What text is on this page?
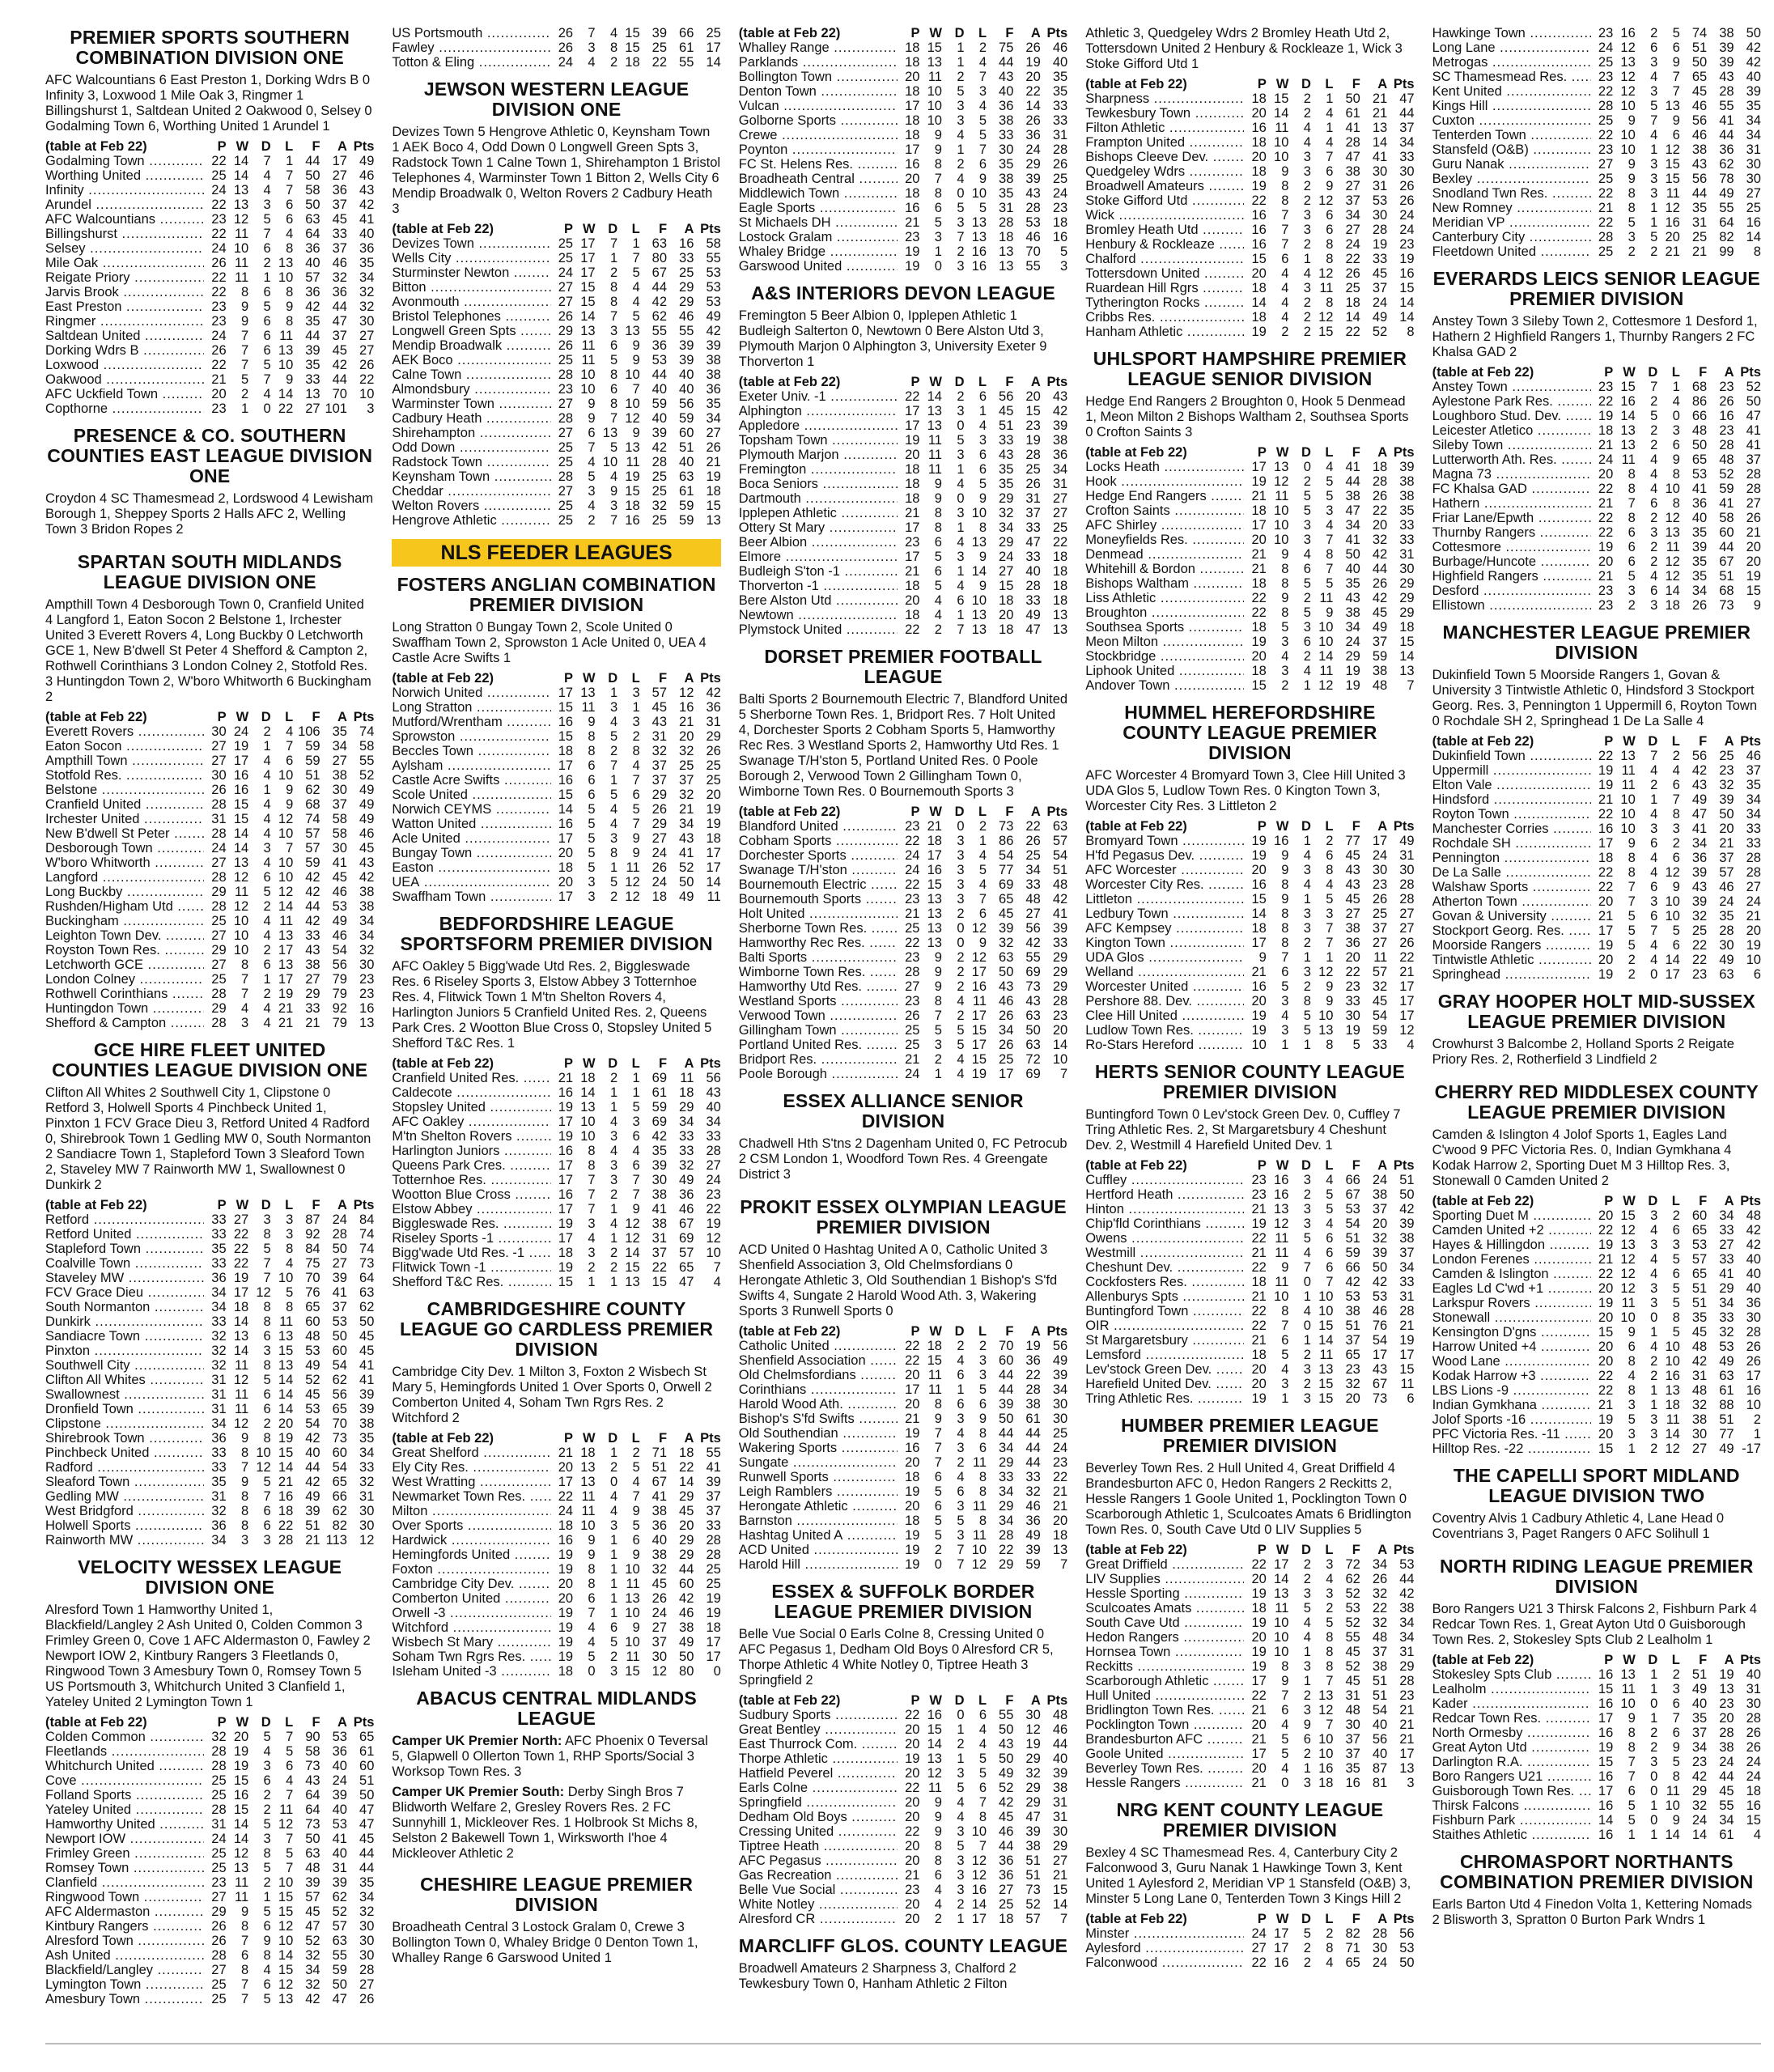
PREMIER SPORTS SOUTHERN COMBINATION DIVISION ONE

AFC Walcountians 6 East Preston 1, Dorking Wdrs B 0 Infinity 3, Loxwood 1 Mile Oak 3, Ringmer 1 Billingshurst 1, Saltdean United 2 Oakwood 0, Selsey 0 Godalming Town 6, Worthing United 1 Arundel 1

(table at Feb 22)	P	W	D	L	F	A	Pts
Godalming Town .....	22	14	7	1	44	17	49
Worthing United .....	25	14	4	7	50	27	46
Infinity .....	24	13	4	7	58	36	43
Arundel .....	22	13	3	6	50	37	42
AFC Walcountians .....	23	12	5	6	63	45	41
Billingshurst .....	22	11	7	4	64	33	40
Selsey .....	24	10	6	8	36	37	36
Mile Oak .....	26	11	2	13	40	46	35
Reigate Priory .....	22	11	1	10	57	32	34
Jarvis Brook .....	22	8	6	8	36	36	32
East Preston .....	23	9	5	9	42	44	32
Ringmer .....	23	9	6	8	35	47	30
Saltdean United .....	24	7	6	11	44	37	27
Dorking Wdrs B .....	26	7	6	13	39	45	27
Loxwood .....	22	7	5	10	35	42	26
Oakwood .....	21	5	7	9	33	44	22
AFC Uckfield Town .....	20	2	4	14	13	70	10
Copthorne .....	23	1	0	22	27	101	3
PRESENCE & CO. SOUTHERN COUNTIES EAST LEAGUE DIVISION ONE

Croydon 4 SC Thamesmead 2, Lordswood 4 Lewisham Borough 1, Sheppey Sports 2 Halls AFC 2, Welling Town 3 Bridon Ropes 2

SPARTAN SOUTH MIDLANDS LEAGUE DIVISION ONE

Ampthill Town 4 Desborough Town 0, Cranfield United 4 Langford 1, Eaton Socon 2 Belstone 1, Irchester United 3 Everett Rovers 4, Long Buckby 0 Letchworth GCE 1, New B'dwell St Peter 4 Shefford & Campton 2, Rothwell Corinthians 3 London Colney 2, Stotfold Res. 3 Huntingdon Town 2, W'boro Whitworth 6 Buckingham 2

(table at Feb 22)	P	W	D	L	F	A	Pts
Everett Rovers .....	30	24	2	4	106	35	74
Eaton Socon .....	27	19	1	7	59	34	58
Ampthill Town .....	27	17	4	6	59	27	55
Stotfold Res. .....	30	16	4	10	51	38	52
Belstone .....	26	16	1	9	62	30	49
Cranfield United .....	28	15	4	9	68	37	49
Irchester United .....	31	15	4	12	74	58	49
New B'dwell St Peter .....	28	14	4	10	57	58	46
Desborough Town .....	24	14	3	7	57	30	45
W'boro Whitworth .....	27	13	4	10	59	41	43
Langford .....	28	12	6	10	42	45	42
Long Buckby .....	29	11	5	12	42	46	38
Rushden/Higham Utd .....	28	12	2	14	44	53	38
Buckingham .....	25	10	4	11	42	49	34
Leighton Town Dev. .....	27	10	4	13	33	46	34
Royston Town Res. .....	29	10	2	17	43	54	32
Letchworth GCE .....	27	8	6	13	38	56	30
London Colney .....	25	7	1	17	27	79	23
Rothwell Corinthians .....	28	7	2	19	29	79	23
Huntingdon Town .....	29	4	4	21	33	92	16
Shefford & Campton .....	28	3	4	21	21	79	13
GCE HIRE FLEET UNITED COUNTIES LEAGUE DIVISION ONE

Clifton All Whites 2 Southwell City 1, Clipstone 0 Retford 3, Holwell Sports 4 Pinchbeck United 1, Pinxton 1 FCV Grace Dieu 3, Retford United 4 Radford 0, Shirebrook Town 1 Gedling MW 0, South Normanton 2 Sandiacre Town 1, Stapleford Town 3 Sleaford Town 2, Staveley MW 7 Rainworth MW 1, Swallownest 0 Dunkirk 2

(table at Feb 22)	P	W	D	L	F	A	Pts
Retford .....	33	27	3	3	87	24	84
Retford United .....	33	22	8	3	92	28	74
Stapleford Town .....	35	22	5	8	84	50	74
Coalville Town .....	33	22	7	4	75	27	73
Staveley MW .....	36	19	7	10	70	39	64
FCV Grace Dieu .....	34	17	12	5	76	41	63
South Normanton .....	34	18	8	8	65	37	62
Dunkirk .....	33	14	8	11	60	53	50
Sandiacre Town .....	32	13	6	13	48	50	45
Pinxton .....	32	14	3	15	53	60	45
Southwell City .....	32	11	8	13	49	54	41
Clifton All Whites .....	31	12	5	14	52	62	41
Swallownest .....	31	11	6	14	45	56	39
Dronfield Town .....	31	11	6	14	53	65	39
Clipstone .....	34	12	2	20	54	70	38
Shirebrook Town .....	36	9	8	19	42	73	35
Pinchbeck United .....	33	8	10	15	40	60	34
Radford .....	33	7	12	14	44	54	33
Sleaford Town .....	35	9	5	21	42	65	32
Gedling MW .....	31	8	7	16	49	66	31
West Bridgford .....	32	8	6	18	39	62	30
Holwell Sports .....	36	8	6	22	51	82	30
Rainworth MW .....	34	3	3	28	21	113	12
VELOCITY WESSEX LEAGUE DIVISION ONE

Alresford Town 1 Hamworthy United 1, Blackfield/Langley 2 Ash United 0, Colden Common 3 Frimley Green 0, Cove 1 AFC Aldermaston 0, Fawley 2 Newport IOW 2, Kintbury Rangers 3 Fleetlands 0, Ringwood Town 3 Amesbury Town 0, Romsey Town 5 US Portsmouth 3, Whitchurch United 3 Clanfield 1, Yateley United 2 Lymington Town 1

(table at Feb 22)	P	W	D	L	F	A	Pts
Colden Common .....	32	20	5	7	90	53	65
Fleetlands .....	28	19	4	5	58	36	61
Whitchurch United .....	28	19	3	6	73	40	60
Cove .....	25	15	6	4	43	24	51
Folland Sports .....	25	16	2	7	64	39	50
Yateley United .....	28	15	2	11	64	40	47
Hamworthy United .....	31	14	5	12	73	53	47
Newport IOW .....	24	14	3	7	50	41	45
Frimley Green .....	25	12	8	5	63	40	44
Romsey Town .....	25	13	5	7	48	31	44
Clanfield .....	23	11	2	10	39	39	35
Ringwood Town .....	27	11	1	15	57	62	34
AFC Aldermaston .....	29	9	5	15	45	52	32
Kintbury Rangers .....	26	8	6	12	47	57	30
Alresford Town .....	26	7	9	10	52	63	30
Ash United .....	28	6	8	14	32	55	30
Blackfield/Langley .....	27	8	4	15	34	59	28
Lymington Town .....	25	7	6	12	32	50	27
Amesbury Town .....	25	7	5	13	42	47	26
US Portsmouth .....	26	7	4	15	39	66	25
Fawley .....	26	3	8	15	25	61	17
Totton & Eling .....	24	4	2	18	22	55	14
JEWSON WESTERN LEAGUE DIVISION ONE

Devizes Town 5 Hengrove Athletic 0, Keynsham Town 1 AEK Boco 4, Odd Down 0 Longwell Green Spts 3, Radstock Town 1 Calne Town 1, Shirehampton 1 Bristol Telephones 4, Warminster Town 1 Bitton 2, Wells City 6 Mendip Broadwalk 0, Welton Rovers 2 Cadbury Heath 3

(table at Feb 22)	P	W	D	L	F	A	Pts
Devizes Town .....	25	17	7	1	63	16	58
Wells City .....	25	17	1	7	80	33	55
Sturminster Newton .....	24	17	2	5	67	25	53
Bitton .....	27	15	8	4	44	29	53
Avonmouth .....	27	15	8	4	42	29	53
Bristol Telephones .....	26	14	7	5	62	46	49
Longwell Green Spts .....	29	13	3	13	55	55	42
Mendip Broadwalk .....	26	11	6	9	36	39	39
AEK Boco .....	25	11	5	9	53	39	38
Calne Town .....	28	10	8	10	44	40	38
Almondsbury .....	23	10	6	7	40	40	36
Warminster Town .....	27	9	8	10	59	56	35
Cadbury Heath .....	28	9	7	12	40	59	34
Shirehampton .....	27	6	13	9	39	60	27
Odd Down .....	25	7	5	13	42	51	26
Radstock Town .....	25	4	10	11	28	40	21
Keynsham Town .....	28	5	4	19	25	63	19
Cheddar .....	27	3	9	15	25	61	18
Welton Rovers .....	25	4	3	18	32	59	15
Hengrove Athletic .....	25	2	7	16	25	59	13
NLS FEEDER LEAGUES
FOSTERS ANGLIAN COMBINATION PREMIER DIVISION

Long Stratton 0 Bungay Town 2, Scole United 0 Swaffham Town 2, Sprowston 1 Acle United 0, UEA 4 Castle Acre Swifts 1

(table at Feb 22)	P	W	D	L	F	A	Pts
Norwich United .....	17	13	1	3	57	12	42
Long Stratton .....	15	11	3	1	45	16	36
Mutford/Wrentham .....	16	9	4	3	43	21	31
Sprowston .....	15	8	5	2	31	20	29
Beccles Town .....	18	8	2	8	32	32	26
Aylsham .....	17	6	7	4	37	25	25
Castle Acre Swifts .....	16	6	1	7	37	37	25
Scole United .....	15	6	5	6	29	32	20
Norwich CEYMS .....	14	5	4	5	26	21	19
Watton United .....	16	5	4	7	29	34	19
Acle United .....	17	5	3	9	27	43	18
Bungay Town .....	20	5	8	9	24	41	17
Easton .....	18	5	1	11	26	52	17
UEA .....	20	3	5	12	24	50	14
Swaffham Town .....	17	3	2	12	18	49	11
BEDFORDSHIRE LEAGUE SPORTSFORM PREMIER DIVISION

AFC Oakley 5 Bigg'wade Utd Res. 2, Biggleswade Res. 6 Riseley Sports 3, Elstow Abbey 3 Totternhoe Res. 4, Flitwick Town 1 M'tn Shelton Rovers 4, Harlington Juniors 5 Cranfield United Res. 2, Queens Park Cres. 2 Wootton Blue Cross 0, Stopsley United 5 Shefford T&C Res. 1

(table at Feb 22)	P	W	D	L	F	A	Pts
Cranfield United Res. .....	21	18	2	1	69	11	56
Caldecote .....	16	14	1	1	61	18	43
Stopsley United .....	19	13	1	5	59	29	40
AFC Oakley .....	17	10	4	3	69	34	34
M'tn Shelton Rovers .....	19	10	3	6	42	33	33
Harlington Juniors .....	16	8	4	4	35	33	28
Queens Park Cres. .....	17	8	3	6	39	32	27
Totternhoe Res. .....	17	7	3	7	30	49	24
Wootton Blue Cross .....	16	7	2	7	38	36	23
Elstow Abbey .....	17	7	1	9	41	46	22
Biggleswade Res. .....	19	3	4	12	38	67	19
Riseley Sports -1 .....	17	4	1	12	31	69	12
Bigg'wade Utd Res. -1 .....	18	3	2	14	37	57	10
Flitwick Town -1 .....	19	2	2	15	22	65	7
Shefford T&C Res. .....	15	1	1	13	15	47	4
CAMBRIDGESHIRE COUNTY LEAGUE GO CARDLESS PREMIER DIVISION

Cambridge City Dev. 1 Milton 3, Foxton 2 Wisbech St Mary 5, Hemingfords United 1 Over Sports 0, Orwell 2 Comberton United 4, Soham Twn Rgrs Res. 2 Witchford 2

(table at Feb 22)	P	W	D	L	F	A	Pts
Great Shelford .....	21	18	1	2	71	18	55
Ely City Res. .....	20	13	2	5	51	22	41
West Wratting .....	17	13	0	4	67	14	39
Newmarket Town Res. .....	22	11	4	7	41	29	37
Milton .....	24	11	4	9	38	45	37
Over Sports .....	18	10	3	5	36	20	33
Hardwick .....	16	9	1	6	40	29	28
Hemingfords United .....	19	9	1	9	38	29	28
Foxton .....	19	8	1	10	32	44	25
Cambridge City Dev. .....	20	8	1	11	45	60	25
Comberton United .....	20	6	1	13	26	42	19
Orwell -3 .....	19	7	1	10	24	46	19
Witchford .....	19	4	6	9	27	38	18
Wisbech St Mary .....	19	4	5	10	37	49	17
Soham Twn Rgrs Res. .....	19	5	2	11	30	50	17
Isleham United -3 .....	18	0	3	15	12	80	0
ABACUS CENTRAL MIDLANDS LEAGUE

Camper UK Premier North: AFC Phoenix 0 Teversal 5, Glapwell 0 Ollerton Town 1, RHP Sports/Social 3 Worksop Town Res. 3

Camper UK Premier South: Derby Singh Bros 7 Blidworth Welfare 2, Gresley Rovers Res. 2 FC Sunnyhill 1, Mickleover Res. 1 Holbrook St Michs 8, Selston 2 Bakewell Town 1, Wirksworth I'hoe 4 Mickleover Athletic 2

CHESHIRE LEAGUE PREMIER DIVISION

Broadheath Central 3 Lostock Gralam 0, Crewe 3 Bollington Town 0, Whaley Bridge 0 Denton Town 1, Whalley Range 6 Garswood United 1

(table at Feb 22)	P	W	D	L	F	A	Pts
Whalley Range .....	18	15	1	2	75	26	46
Parklands .....	18	13	1	4	44	19	40
Bollington Town .....	20	11	2	7	43	20	35
Denton Town .....	18	10	5	3	40	22	35
Vulcan .....	17	10	3	4	36	14	33
Golborne Sports .....	18	10	3	5	38	26	33
Crewe .....	18	9	4	5	33	36	31
Poynton .....	17	9	1	7	30	24	28
FC St. Helens Res. .....	16	8	2	6	35	29	26
Broadheath Central .....	20	7	4	9	38	39	25
Middlewich Town .....	18	8	0	10	35	43	24
Eagle Sports .....	16	6	5	5	31	28	23
St Michaels DH .....	21	5	3	13	28	53	18
Lostock Gralam .....	23	3	7	13	18	46	16
Whaley Bridge .....	19	1	2	16	13	70	5
Garswood United .....	19	0	3	16	13	55	3
A&S INTERIORS DEVON LEAGUE

Fremington 5 Beer Albion 0, Ipplepen Athletic 1 Budleigh Salterton 0, Newtown 0 Bere Alston Utd 3, Plymouth Marjon 0 Alphington 3, University Exeter 9 Thorverton 1

(table at Feb 22)	P	W	D	L	F	A	Pts
Exeter Univ. -1 .....	22	14	2	6	56	20	43
Alphington .....	17	13	3	1	45	15	42
Appledore .....	17	13	0	4	51	23	39
Topsham Town .....	19	11	5	3	33	19	38
Plymouth Marjon .....	20	11	3	6	43	28	36
Fremington .....	18	11	1	6	35	25	34
Boca Seniors .....	18	9	4	5	35	26	31
Dartmouth .....	18	9	0	9	29	31	27
Ipplepen Athletic .....	21	8	3	10	32	37	27
Ottery St Mary .....	17	8	1	8	34	33	25
Beer Albion .....	23	6	4	13	29	47	22
Elmore .....	17	5	3	9	24	33	18
Budleigh S'ton -1 .....	21	6	1	14	27	40	18
Thorverton -1 .....	18	5	4	9	15	28	18
Bere Alston Utd .....	20	4	6	10	18	33	18
Newtown .....	18	4	1	13	20	49	13
Plymstock United .....	22	2	7	13	18	47	13
DORSET PREMIER FOOTBALL LEAGUE

Balti Sports 2 Bournemouth Electric 7, Blandford United 5 Sherborne Town Res. 1, Bridport Res. 7 Holt United 4, Dorchester Sports 2 Cobham Sports 5, Hamworthy Rec Res. 3 Westland Sports 2, Hamworthy Utd Res. 1 Swanage T/H'ston 5, Portland United Res. 0 Poole Borough 2, Verwood Town 2 Gillingham Town 0, Wimborne Town Res. 0 Bournemouth Sports 3

(table at Feb 22)	P	W	D	L	F	A	Pts
Blandford United .....	23	21	0	2	73	22	63
Cobham Sports .....	22	18	3	1	86	26	57
Dorchester Sports .....	24	17	3	4	54	25	54
Swanage T/H'ston .....	24	16	3	5	77	34	51
Bournemouth Electric .....	22	15	3	4	69	33	48
Bournemouth Sports .....	23	13	3	7	65	48	42
Holt United .....	21	13	2	6	45	27	41
Sherborne Town Res. .....	25	13	0	12	39	56	39
Hamworthy Rec Res. .....	22	13	0	9	32	42	33
Balti Sports .....	23	9	2	12	63	55	29
Wimborne Town Res. .....	28	9	2	17	50	69	29
Hamworthy Utd Res. .....	27	9	2	16	43	73	29
Westland Sports .....	23	8	4	11	46	43	28
Verwood Town .....	26	7	2	17	26	63	23
Gillingham Town .....	25	5	5	15	34	50	20
Portland United Res. .....	25	3	5	17	26	63	14
Bridport Res. .....	21	2	4	15	25	72	10
Poole Borough .....	24	1	4	19	17	69	7
ESSEX ALLIANCE SENIOR DIVISION

Chadwell Hth S'tns 2 Dagenham United 0, FC Petrocub 2 CSM London 1, Woodford Town Res. 4 Greengate District 3

PROKIT ESSEX OLYMPIAN LEAGUE PREMIER DIVISION

ACD United 0 Hashtag United A 0, Catholic United 3 Shenfield Association 3, Old Chelmsfordians 0 Herongate Athletic 3, Old Southendian 1 Bishop's S'fd Swifts 4, Sungate 2 Harold Wood Ath. 3, Wakering Sports 3 Runwell Sports 0

(table at Feb 22)	P	W	D	L	F	A	Pts
Catholic United .....	22	18	2	2	70	19	56
Shenfield Association .....	22	15	4	3	60	36	49
Old Chelmsfordians .....	20	11	6	3	44	22	39
Corinthians .....	17	11	1	5	44	28	34
Harold Wood Ath. .....	20	8	6	6	39	38	30
Bishop's S'fd Swifts .....	21	9	3	9	50	61	30
Old Southendian .....	19	7	4	8	44	44	25
Wakering Sports .....	16	7	3	6	34	44	24
Sungate .....	20	7	2	11	29	44	23
Runwell Sports .....	18	6	4	8	33	33	22
Leigh Ramblers .....	19	5	6	8	34	32	21
Herongate Athletic .....	20	6	3	11	29	46	21
Barnston .....	18	5	5	8	34	36	20
Hashtag United A .....	19	5	3	11	28	49	18
ACD United .....	19	2	7	10	22	39	13
Harold Hill .....	19	0	7	12	29	59	7
ESSEX & SUFFOLK BORDER LEAGUE PREMIER DIVISION

Belle Vue Social 0 Earls Colne 8, Cressing United 0 AFC Pegasus 1, Dedham Old Boys 0 Alresford CR 5, Thorpe Athletic 4 White Notley 0, Tiptree Heath 3 Springfield 2

(table at Feb 22)	P	W	D	L	F	A	Pts
Sudbury Sports .....	22	16	0	6	55	30	48
Great Bentley .....	20	15	1	4	50	12	46
East Thurrock Com. .....	20	14	2	4	43	19	44
Thorpe Athletic .....	19	13	1	5	50	29	40
Hatfield Peverel .....	20	12	3	5	49	32	39
Earls Colne .....	22	11	5	6	52	29	38
Springfield .....	20	9	4	7	42	29	31
Dedham Old Boys .....	20	9	4	8	45	47	31
Cressing United .....	22	9	3	10	46	39	30
Tiptree Heath .....	20	8	5	7	44	38	29
AFC Pegasus .....	20	8	3	12	36	51	27
Gas Recreation .....	21	6	3	12	36	51	21
Belle Vue Social .....	23	4	3	16	27	73	15
White Notley .....	20	4	2	14	25	52	14
Alresford CR .....	20	2	1	17	18	57	7
MARCLIFF GLOS. COUNTY LEAGUE

Broadwell Amateurs 2 Sharpness 3, Chalford 2 Tewkesbury Town 0, Hanham Athletic 2 Filton

Athletic 3, Quedgeley Wdrs 2 Bromley Heath Utd 2, Tottersdown United 2 Henbury & Rockleaze 1, Wick 3 Stoke Gifford Utd 1

(table at Feb 22)	P	W	D	L	F	A	Pts
Sharpness .....	18	15	2	1	50	21	47
Tewkesbury Town .....	20	14	2	4	61	21	44
Filton Athletic .....	16	11	4	1	41	13	37
Frampton United .....	18	10	4	4	28	14	34
Bishops Cleeve Dev. .....	20	10	3	7	47	41	33
Quedgeley Wdrs .....	18	9	3	6	38	30	30
Broadwell Amateurs .....	19	8	2	9	27	31	26
Stoke Gifford Utd .....	22	8	2	12	37	53	26
Wick .....	16	7	3	6	34	30	24
Bromley Heath Utd .....	16	7	3	6	27	28	24
Henbury & Rockleaze .....	16	7	2	8	24	19	23
Chalford .....	15	6	1	8	22	33	19
Tottersdown United .....	20	4	4	12	26	45	16
Ruardean Hill Rgrs .....	18	4	3	11	25	37	15
Tytherington Rocks .....	14	4	2	8	18	24	14
Cribbs Res. .....	18	4	2	12	14	49	14
Hanham Athletic .....	19	2	2	15	22	52	8
UHLSPORT HAMPSHIRE PREMIER LEAGUE SENIOR DIVISION

Hedge End Rangers 2 Broughton 0, Hook 5 Denmead 1, Meon Milton 2 Bishops Waltham 2, Southsea Sports 0 Crofton Saints 3

(table at Feb 22)	P	W	D	L	F	A	Pts
Locks Heath .....	17	13	0	4	41	18	39
Hook .....	19	12	2	5	44	28	38
Hedge End Rangers .....	21	11	5	5	38	26	38
Crofton Saints .....	18	10	5	3	47	22	35
AFC Shirley .....	17	10	3	4	34	20	33
Moneyfields Res. .....	20	10	3	7	41	32	33
Denmead .....	21	9	4	8	50	42	31
Whitehill & Bordon .....	21	8	6	7	40	44	30
Bishops Waltham .....	18	8	5	5	35	26	29
Liss Athletic .....	22	9	2	11	43	42	29
Broughton .....	22	8	5	9	38	45	29
Southsea Sports .....	18	5	3	10	34	49	18
Meon Milton .....	19	3	6	10	24	37	15
Stockbridge .....	20	4	2	14	29	59	14
Liphook United .....	18	3	4	11	19	38	13
Andover Town .....	15	2	1	12	19	48	7
HUMMEL HEREFORDSHIRE COUNTY LEAGUE PREMIER DIVISION

AFC Worcester 4 Bromyard Town 3, Clee Hill United 3 UDA Glos 5, Ludlow Town Res. 0 Kington Town 3, Worcester City Res. 3 Littleton 2

(table at Feb 22)	P	W	D	L	F	A	Pts
Bromyard Town .....	19	16	1	2	77	17	49
H'fd Pegasus Dev. .....	19	9	4	6	45	24	31
AFC Worcester .....	20	9	3	8	43	30	30
Worcester City Res. .....	16	8	4	4	43	23	28
Littleton .....	15	9	1	5	45	26	28
Ledbury Town .....	14	8	3	3	27	25	27
AFC Kempsey .....	18	8	3	7	38	37	27
Kington Town .....	17	8	2	7	36	27	26
UDA Glos .....	9	7	1	1	20	11	22
Welland .....	21	6	3	12	22	57	21
Worcester United .....	16	5	2	9	23	32	17
Pershore 88. Dev. .....	20	3	8	9	33	45	17
Clee Hill United .....	19	4	5	10	30	54	17
Ludlow Town Res. .....	19	3	5	13	19	59	12
Ro-Stars Hereford .....	10	1	1	8	5	33	4
HERTS SENIOR COUNTY LEAGUE PREMIER DIVISION

Buntingford Town 0 Lev'stock Green Dev. 0, Cuffley 7 Tring Athletic Res. 2, St Margaretsbury 4 Cheshunt Dev. 2, Westmill 4 Harefield United Dev. 1

(table at Feb 22)	P	W	D	L	F	A	Pts
Cuffley .....	23	16	3	4	66	24	51
Hertford Heath .....	23	16	2	5	67	38	50
Hinton .....	21	13	3	5	53	37	42
Chip'fld Corinthians .....	19	12	3	4	54	20	39
Owens .....	22	11	5	6	51	32	38
Westmill .....	21	11	4	6	59	39	37
Cheshunt Dev. .....	22	9	7	6	66	50	34
Cockfosters Res. .....	18	11	0	7	42	42	33
Allenburys Spts .....	21	10	1	10	53	53	31
Buntingford Town .....	22	8	4	10	38	46	28
OIR .....	22	7	0	15	51	76	21
St Margaretsbury .....	21	6	1	14	37	54	19
Lemsford .....	18	5	2	11	65	17	17
Lev'stock Green Dev. .....	20	4	3	13	23	43	15
Harefield United Dev. .....	20	3	2	15	32	67	11
Tring Athletic Res. .....	19	1	3	15	20	73	6
HUMBER PREMIER LEAGUE PREMIER DIVISION

Beverley Town Res. 2 Hull United 4, Great Driffield 4 Brandesburton AFC 0, Hedon Rangers 2 Reckitts 2, Hessle Rangers 1 Goole United 1, Pocklington Town 0 Scarborough Athletic 1, Sculcoates Amats 6 Bridlington Town Res. 0, South Cave Utd 0 LIV Supplies 5

(table at Feb 22)	P	W	D	L	F	A	Pts
Great Driffield .....	22	17	2	3	72	34	53
LIV Supplies .....	20	14	2	4	62	26	44
Hessle Sporting .....	19	13	3	3	52	32	42
Sculcoates Amats .....	18	11	5	2	53	22	38
South Cave Utd .....	19	10	4	5	52	32	34
Hedon Rangers .....	20	10	4	8	55	48	34
Hornsea Town .....	19	10	1	8	45	37	31
Reckitts .....	19	8	3	8	52	38	29
Scarborough Athletic .....	17	9	1	7	45	51	28
Hull United .....	22	7	2	13	31	51	23
Bridlington Town Res. .....	21	6	3	12	48	54	21
Pocklington Town .....	20	4	9	7	30	40	21
Brandesburton AFC .....	21	5	6	10	37	56	21
Goole United .....	17	5	2	10	37	40	17
Beverley Town Res. .....	20	4	1	16	35	87	13
Hessle Rangers .....	21	0	3	18	16	81	3
NRG KENT COUNTY LEAGUE PREMIER DIVISION

Bexley 4 SC Thamesmead Res. 4, Canterbury City 2 Falconwood 3, Guru Nanak 1 Hawkinge Town 3, Kent United 1 Aylesford 2, Meridian VP 1 Stansfeld (O&B) 3, Minster 5 Long Lane 0, Tenterden Town 3 Kings Hill 2

(table at Feb 22)	P	W	D	L	F	A	Pts
Minster .....	24	17	5	2	82	28	56
Aylesford .....	27	17	2	8	71	30	53
Falconwood .....	22	16	2	4	65	24	50
Hawkinge Town .....	23	16	2	5	74	38	50
Long Lane .....	24	12	6	6	51	39	42
Metrogas .....	25	13	3	9	50	39	42
SC Thamesmead Res. .....	23	12	4	7	65	43	40
Kent United .....	22	12	3	7	45	28	39
Kings Hill .....	28	10	5	13	46	55	35
Cuxton .....	25	9	7	9	56	41	34
Tenterden Town .....	22	10	4	6	46	44	34
Stansfeld (O&B) .....	23	10	1	12	38	36	31
Guru Nanak .....	27	9	3	15	43	62	30
Bexley .....	25	9	3	15	56	78	30
Snodland Twn Res. .....	22	8	3	11	44	49	27
New Romney .....	21	8	1	12	35	55	25
Meridian VP .....	22	5	1	16	31	64	16
Canterbury City .....	28	3	5	20	25	82	14
Fleetdown United .....	25	2	2	21	21	99	8
EVERARDS LEICS SENIOR LEAGUE PREMIER DIVISION

Anstey Town 3 Sileby Town 2, Cottesmore 1 Desford 1, Hathern 2 Highfield Rangers 1, Thurnby Rangers 2 FC Khalsa GAD 2

(table at Feb 22)	P	W	D	L	F	A	Pts
Anstey Town .....	23	15	7	1	68	23	52
Aylestone Park Res. .....	22	16	2	4	86	26	50
Loughboro Stud. Dev. .....	19	14	5	0	66	16	47
Leicester Atletico .....	18	13	2	3	48	23	41
Sileby Town .....	21	13	2	6	50	28	41
Lutterworth Ath. Res. .....	24	11	4	9	65	48	37
Magna 73 .....	20	8	4	8	53	52	28
FC Khalsa GAD .....	22	8	4	10	41	59	28
Hathern .....	21	7	6	8	36	41	27
Friar Lane/Epwth .....	22	8	2	12	40	58	26
Thurnby Rangers .....	22	6	3	13	35	60	21
Cottesmore .....	19	6	2	11	39	44	20
Burbage/Huncote .....	20	6	2	12	35	67	20
Highfield Rangers .....	21	5	4	12	35	51	19
Desford .....	23	3	6	14	34	68	15
Ellistown .....	23	2	3	18	26	73	9
MANCHESTER LEAGUE PREMIER DIVISION

Dukinfield Town 5 Moorside Rangers 1, Govan & University 3 Tintwistle Athletic 0, Hindsford 3 Stockport Georg. Res. 3, Pennington 1 Uppermill 6, Royton Town 0 Rochdale SH 2, Springhead 1 De La Salle 4

(table at Feb 22)	P	W	D	L	F	A	Pts
Dukinfield Town .....	22	13	7	2	56	25	46
Uppermill .....	19	11	4	4	42	23	37
Elton Vale .....	19	11	2	6	43	32	35
Hindsford .....	21	10	1	7	49	39	34
Royton Town .....	22	10	4	8	47	50	34
Manchester Corries .....	16	10	3	3	41	20	33
Rochdale SH .....	17	9	6	2	34	21	33
Pennington .....	18	8	4	6	36	37	28
De La Salle .....	22	8	4	12	39	57	28
Walshaw Sports .....	22	7	6	9	43	46	27
Atherton Town .....	20	7	3	10	39	24	24
Govan & University .....	21	5	6	10	32	35	21
Stockport Georg. Res. .....	17	5	7	5	25	28	20
Moorside Rangers .....	19	5	4	6	22	30	19
Tintwistle Athletic .....	20	2	4	14	22	49	10
Springhead .....	19	2	0	17	23	63	6
GRAY HOOPER HOLT MID-SUSSEX LEAGUE PREMIER DIVISION

Crowhurst 3 Balcombe 2, Holland Sports 2 Reigate Priory Res. 2, Rotherfield 3 Lindfield 2

CHERRY RED MIDDLESEX COUNTY LEAGUE PREMIER DIVISION

Camden & Islington 4 Jolof Sports 1, Eagles Land C'wood 9 PFC Victoria Res. 0, Indian Gymkhana 4 Kodak Harrow 2, Sporting Duet M 3 Hilltop Res. 3, Stonewall 0 Camden United 2

(table at Feb 22)	P	W	D	L	F	A	Pts
Sporting Duet M .....	20	15	3	2	60	34	48
Camden United +2 .....	22	12	4	6	65	33	42
Hayes & Hillingdon .....	19	13	3	3	53	27	42
London Ferenes .....	21	12	4	5	57	33	40
Camden & Islington .....	22	12	4	6	65	41	40
Eagles Ld C'wd +1 .....	20	12	3	5	51	29	40
Larkspur Rovers .....	19	11	3	5	51	34	36
Stonewall .....	20	10	0	8	35	33	30
Kensington D'gns .....	15	9	1	5	45	32	28
Harrow United +4 .....	20	6	4	10	48	53	26
Wood Lane .....	20	8	2	10	42	49	26
Kodak Harrow +3 .....	22	4	2	16	31	63	17
LBS Lions -9 .....	22	8	1	13	48	61	16
Indian Gymkhana .....	21	3	1	18	32	88	10
Jolof Sports -16 .....	19	5	3	11	38	51	2
PFC Victoria Res. -11 .....	20	3	3	14	30	77	1
Hilltop Res. -22 .....	15	1	2	12	27	49	-17
THE CAPELLI SPORT MIDLAND LEAGUE DIVISION TWO

Coventry Alvis 1 Cadbury Athletic 4, Lane Head 0 Coventrians 3, Paget Rangers 0 AFC Solihull 1

NORTH RIDING LEAGUE PREMIER DIVISION

Boro Rangers U21 3 Thirsk Falcons 2, Fishburn Park 4 Redcar Town Res. 1, Great Ayton Utd 0 Guisborough Town Res. 2, Stokesley Spts Club 2 Lealholm 1

(table at Feb 22)	P	W	D	L	F	A	Pts
Stokesley Spts Club .....	16	13	1	2	51	19	40
Lealholm .....	15	11	1	3	49	13	31
Kader .....	16	10	0	6	40	23	30
Redcar Town Res. .....	17	9	1	7	35	20	28
North Ormesby .....	16	8	2	6	37	28	26
Great Ayton Utd .....	19	8	2	9	34	38	26
Darlington R.A. .....	15	7	3	5	23	24	24
Boro Rangers U21 .....	16	7	0	8	42	44	24
Guisborough Town Res. .....	17	6	0	11	29	45	18
Thirsk Falcons .....	16	5	1	10	32	55	16
Fishburn Park .....	14	5	0	9	24	34	15
Staithes Athletic .....	16	1	1	14	14	61	4
CHROMASPORT NORTHANTS COMBINATION PREMIER DIVISION

Earls Barton Utd 4 Finedon Volta 1, Kettering Nomads 2 Blisworth 3, Spratton 0 Burton Park Wndrs 1
